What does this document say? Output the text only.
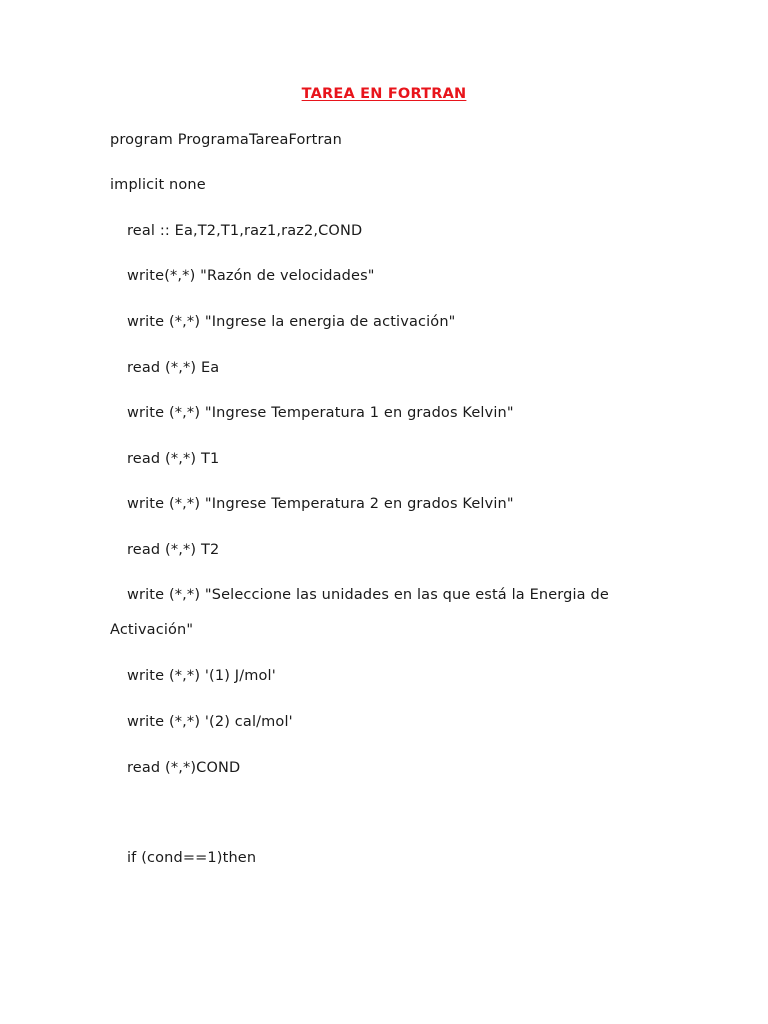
TAREA EN FORTRAN
program ProgramaTareaFortran
implicit none
real :: Ea,T2,T1,raz1,raz2,COND
write(*,*) "Razón de velocidades"
write (*,*) "Ingrese la energia de activación"
read (*,*) Ea
write (*,*) "Ingrese Temperatura 1 en grados Kelvin"
read (*,*) T1
write (*,*) "Ingrese Temperatura 2 en grados Kelvin"
read (*,*) T2
write (*,*) "Seleccione las unidades en las que está la Energia de
Activación"
write (*,*) '(1) J/mol'
write (*,*) '(2) cal/mol'
read (*,*)COND
if (cond==1)then
